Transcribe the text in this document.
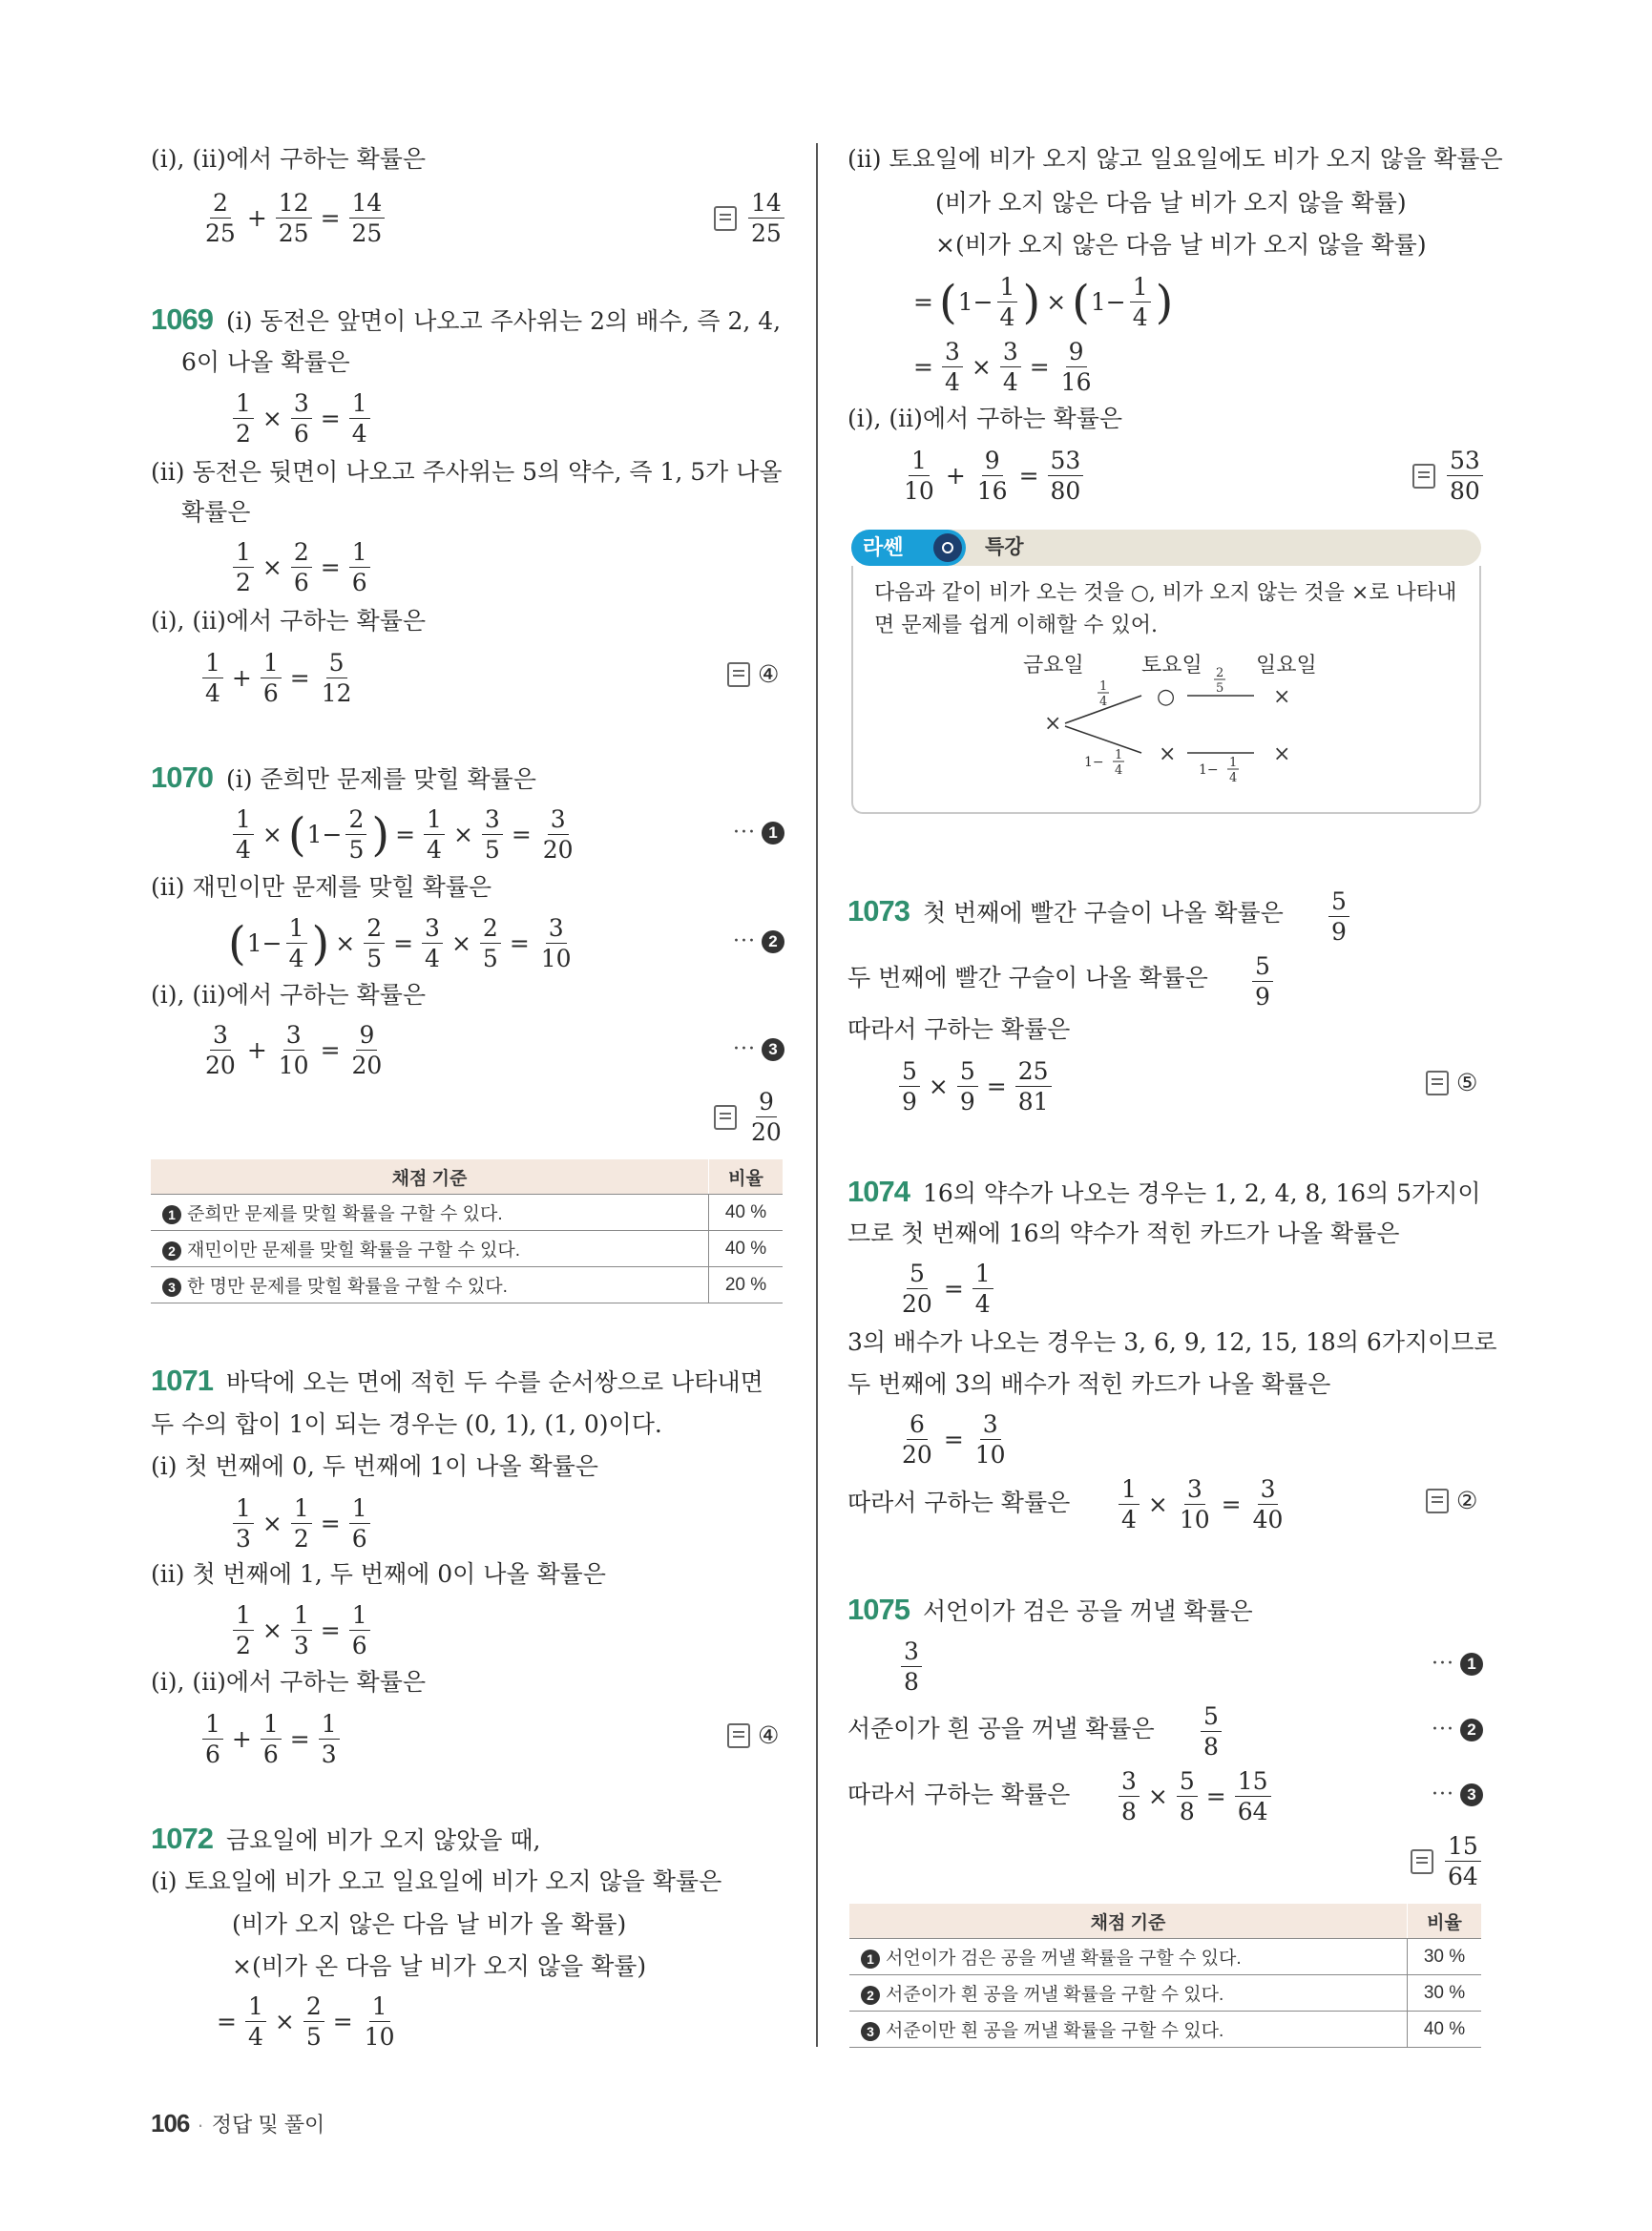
(ⅰ), (ⅱ)에서 구하는 확률은
2
25
+ $\frac{12}{25} = \frac{14}{25}$	14
25
1069 (ⅰ) 동전은 앞면이 나오고 주사위는 2의 배수, 즉 2, 4,
6이 나올 확률은
$\frac{1}{2} \times \frac{3}{6} = \frac{1}{4}$
(ⅱ) 동전은 뒷면이 나오고 주사위는 5의 약수, 즉 1, 5가 나올
확률은
$\frac{1}{2} \times \frac{2}{6} = \frac{1}{6}$
(ⅰ), (ⅱ)에서 구하는 확률은
1
4
+ $\frac{1}{6} = \frac{5}{12}$	④
1070 (ⅰ) 준희만 문제를 맞힐 확률은
$\frac{1}{4}$ × ( $1- \frac{2}{5}$ ) = $\frac{1}{4} \times \frac{3}{5} = \frac{3}{20}$	··· 1
(ⅱ) 재민이만 문제를 맞힐 확률은
( $1- \frac{1}{4}$ ) × $\frac{2}{5} = \frac{3}{4} \times \frac{2}{5} = \frac{3}{10}$	··· 2
(ⅰ), (ⅱ)에서 구하는 확률은
3
20
+ $\frac{3}{10} = \frac{9}{20}$	··· 3
9
20
채점 기준	비율
1 준희만 문제를 맞힐 확률을 구할 수 있다.	40 %
2 재민이만 문제를 맞힐 확률을 구할 수 있다.	40 %
3 한 명만 문제를 맞힐 확률을 구할 수 있다.	20 %
1071 바닥에 오는 면에 적힌 두 수를 순서쌍으로 나타내면
두 수의 합이 1이 되는 경우는 (0, 1), (1, 0)이다.
(ⅰ) 첫 번째에 0, 두 번째에 1이 나올 확률은
$\frac{1}{3} \times \frac{1}{2} = \frac{1}{6}$
(ⅱ) 첫 번째에 1, 두 번째에 0이 나올 확률은
$\frac{1}{2} \times \frac{1}{3} = \frac{1}{6}$
(ⅰ), (ⅱ)에서 구하는 확률은
1
6
+ $\frac{1}{6} = \frac{1}{3}$	④
1072 금요일에 비가 오지 않았을 때,
(ⅰ) 토요일에 비가 오고 일요일에 비가 오지 않을 확률은
(비가 오지 않은 다음 날 비가 올 확률)
×(비가 온 다음 날 비가 오지 않을 확률)
= $\frac{1}{4} \times \frac{2}{5} = \frac{1}{10}$
(ⅱ) 토요일에 비가 오지 않고 일요일에도 비가 오지 않을 확률은
(비가 오지 않은 다음 날 비가 오지 않을 확률)
×(비가 오지 않은 다음 날 비가 오지 않을 확률)
= ( $1- \frac{1}{4}$ ) × ( $1- \frac{1}{4}$ )
= $\frac{3}{4} \times \frac{3}{4} = \frac{9}{16}$
(ⅰ), (ⅱ)에서 구하는 확률은
1
10
+ $\frac{9}{16} = \frac{53}{80}$	53
80
라쎈	특강
다음과 같이 비가 오는 것을 ○, 비가 오지 않는 것을 ×로 나타내
면 문제를 쉽게 이해할 수 있어.
금요일	토요일	일요일
×
1
4
1− 1
4
○
×
2
5
1− 1
4
×
×
1073 첫 번째에 빨간 구슬이 나올 확률은 5
9
두 번째에 빨간 구슬이 나올 확률은 5
9
따라서 구하는 확률은
$\frac{5}{9} \times \frac{5}{9} = \frac{25}{81}$	⑤
1074 16의 약수가 나오는 경우는 1, 2, 4, 8, 16의 5가지이
므로 첫 번째에 16의 약수가 적힌 카드가 나올 확률은
$\frac{5}{20} = \frac{1}{4}$
3의 배수가 나오는 경우는 3, 6, 9, 12, 15, 18의 6가지이므로
두 번째에 3의 배수가 적힌 카드가 나올 확률은
$\frac{6}{20} = \frac{3}{10}$
따라서 구하는 확률은 $\frac{1}{4} \times \frac{3}{10} = \frac{3}{40}$	②
1075 서언이가 검은 공을 꺼낼 확률은
3
8
··· 1
서준이가 흰 공을 꺼낼 확률은 5
8
··· 2
따라서 구하는 확률은 $\frac{3}{8} \times \frac{5}{8} = \frac{15}{64}$	··· 3
15
64
채점 기준	비율
1 서언이가 검은 공을 꺼낼 확률을 구할 수 있다.	30 %
2 서준이가 흰 공을 꺼낼 확률을 구할 수 있다.	30 %
3 서준이만 흰 공을 꺼낼 확률을 구할 수 있다.	40 %
106 · 정답 및 풀이
